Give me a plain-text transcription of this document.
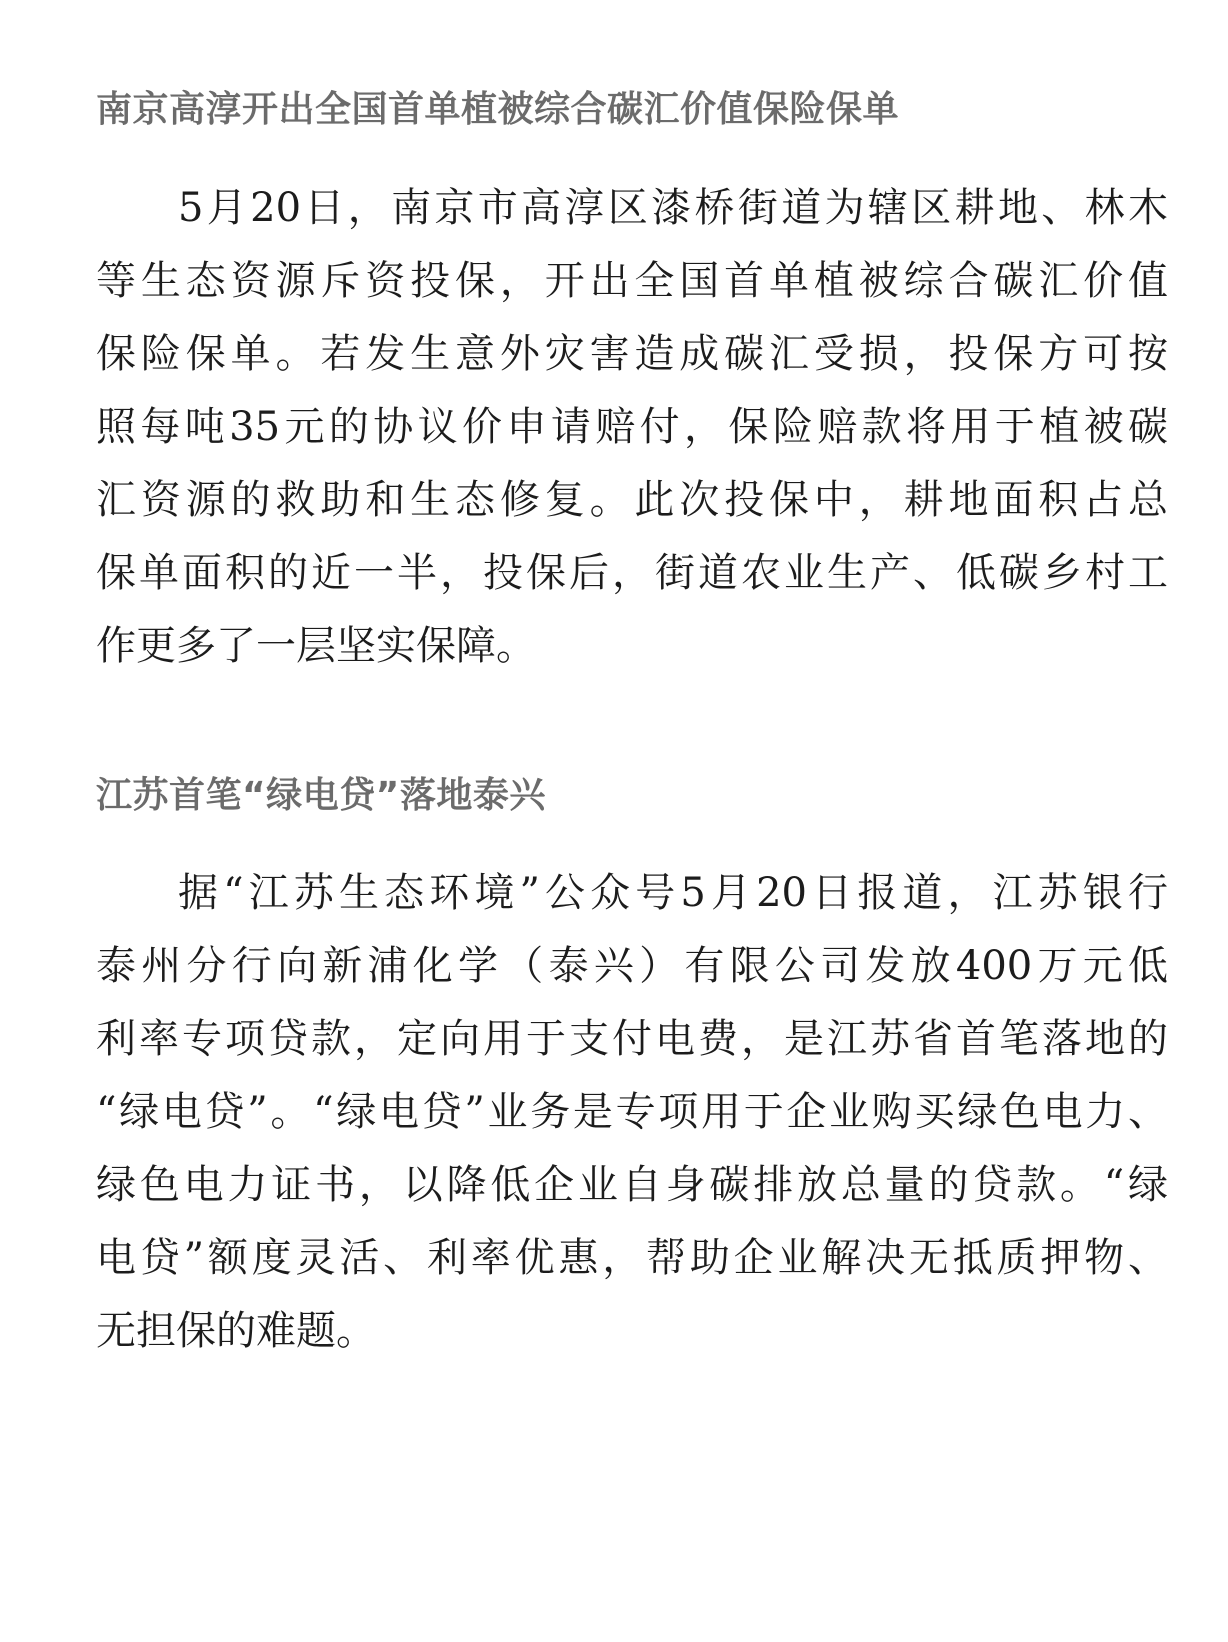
南京高淳开出全国首单植被综合碳汇价值保险保单
5月20日，南京市高淳区漆桥街道为辖区耕地、林木
等生态资源斥资投保，开出全国首单植被综合碳汇价值
保险保单。若发生意外灾害造成碳汇受损，投保方可按
照每吨35元的协议价申请赔付，保险赔款将用于植被碳
汇资源的救助和生态修复。此次投保中，耕地面积占总
保单面积的近一半，投保后，街道农业生产、低碳乡村工
作更多了一层坚实保障。
江苏首笔“绿电贷”落地泰兴
据“江苏生态环境”公众号5月20日报道，江苏银行
泰州分行向新浦化学（泰兴）有限公司发放400万元低
利率专项贷款，定向用于支付电费，是江苏省首笔落地的
“绿电贷”。“绿电贷”业务是专项用于企业购买绿色电力、
绿色电力证书，以降低企业自身碳排放总量的贷款。“绿
电贷”额度灵活、利率优惠，帮助企业解决无抵质押物、
无担保的难题。
